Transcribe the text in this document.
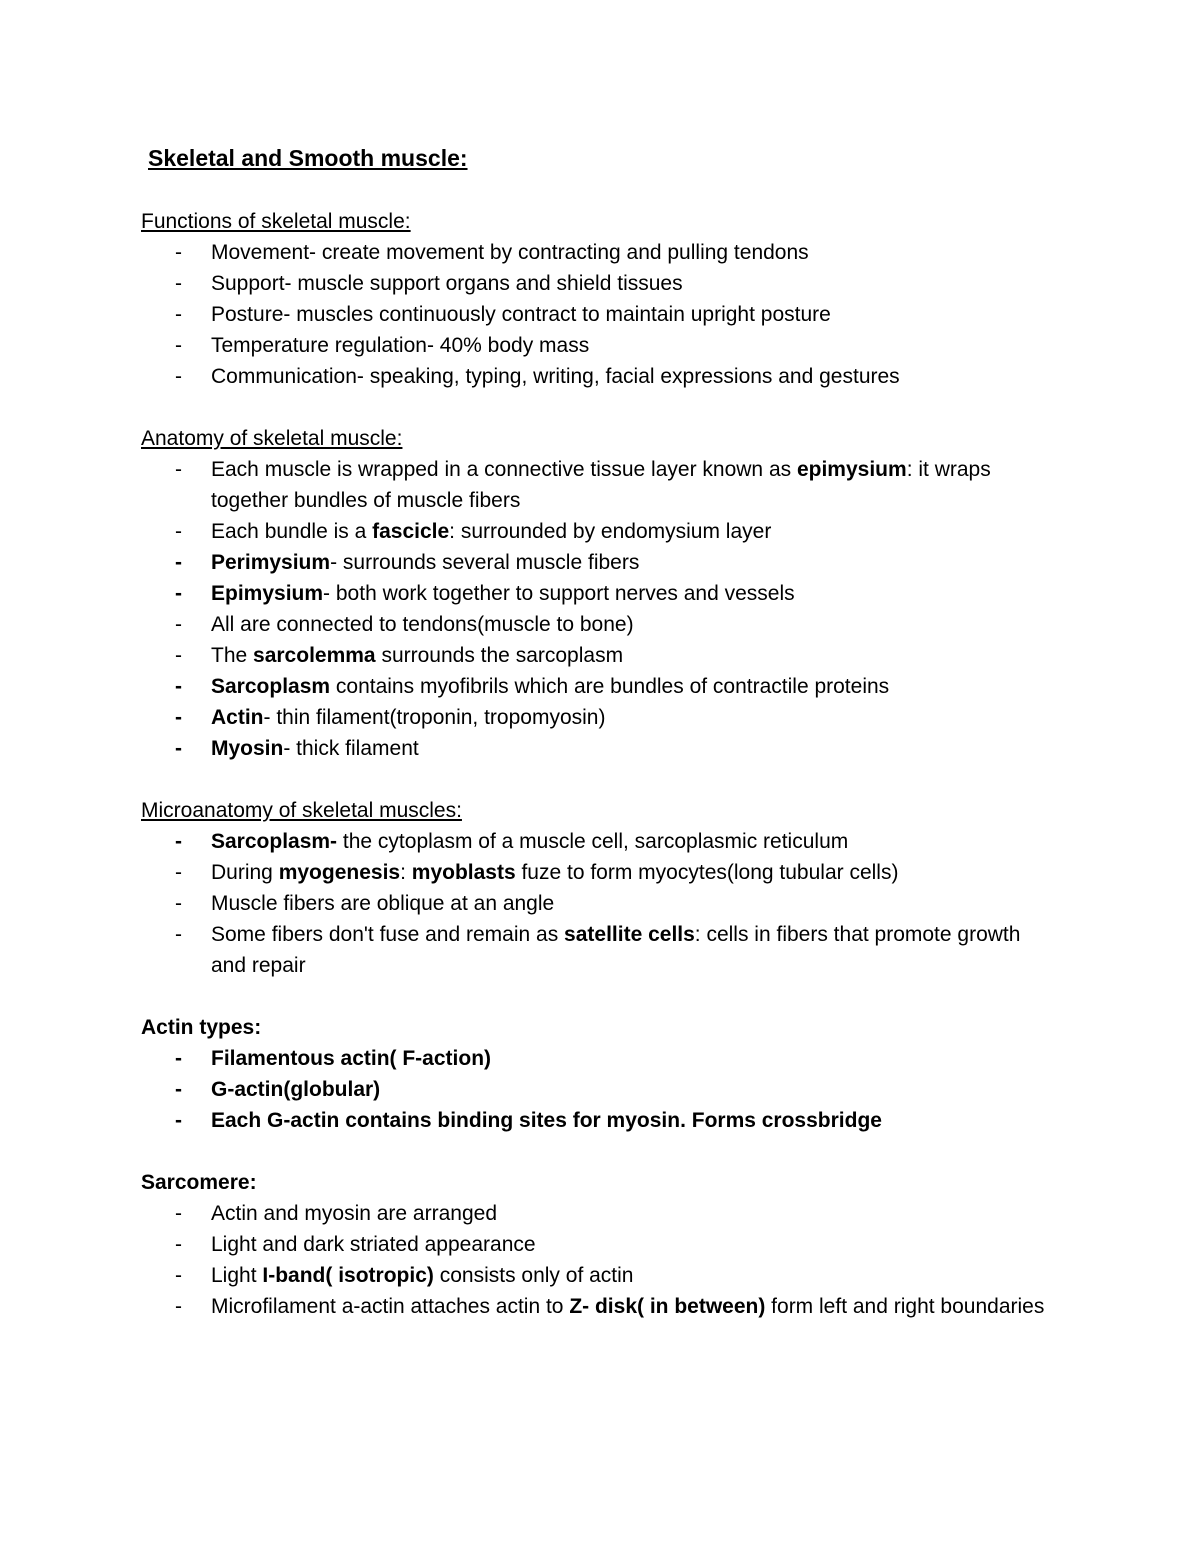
Skeletal and Smooth muscle:
Functions of skeletal muscle:
- Movement- create movement by contracting and pulling tendons
- Support- muscle support organs and shield tissues
- Posture- muscles continuously contract to maintain upright posture
- Temperature regulation- 40% body mass
- Communication- speaking, typing, writing, facial expressions and gestures
Anatomy of skeletal muscle:
- Each muscle is wrapped in a connective tissue layer known as epimysium: it wraps together bundles of muscle fibers
- Each bundle is a fascicle: surrounded by endomysium layer
- Perimysium- surrounds several muscle fibers
- Epimysium- both work together to support nerves and vessels
- All are connected to tendons(muscle to bone)
- The sarcolemma surrounds the sarcoplasm
- Sarcoplasm contains myofibrils which are bundles of contractile proteins
- Actin- thin filament(troponin, tropomyosin)
- Myosin- thick filament
Microanatomy of skeletal muscles:
- Sarcoplasm- the cytoplasm of a muscle cell, sarcoplasmic reticulum
- During myogenesis: myoblasts fuze to form myocytes(long tubular cells)
- Muscle fibers are oblique at an angle
- Some fibers don't fuse and remain as satellite cells: cells in fibers that promote growth and repair
Actin types:
- Filamentous actin( F-action)
- G-actin(globular)
- Each G-actin contains binding sites for myosin. Forms crossbridge
Sarcomere:
- Actin and myosin are arranged
- Light and dark striated appearance
- Light I-band( isotropic) consists only of actin
- Microfilament a-actin attaches actin to Z- disk( in between) form left and right boundaries
